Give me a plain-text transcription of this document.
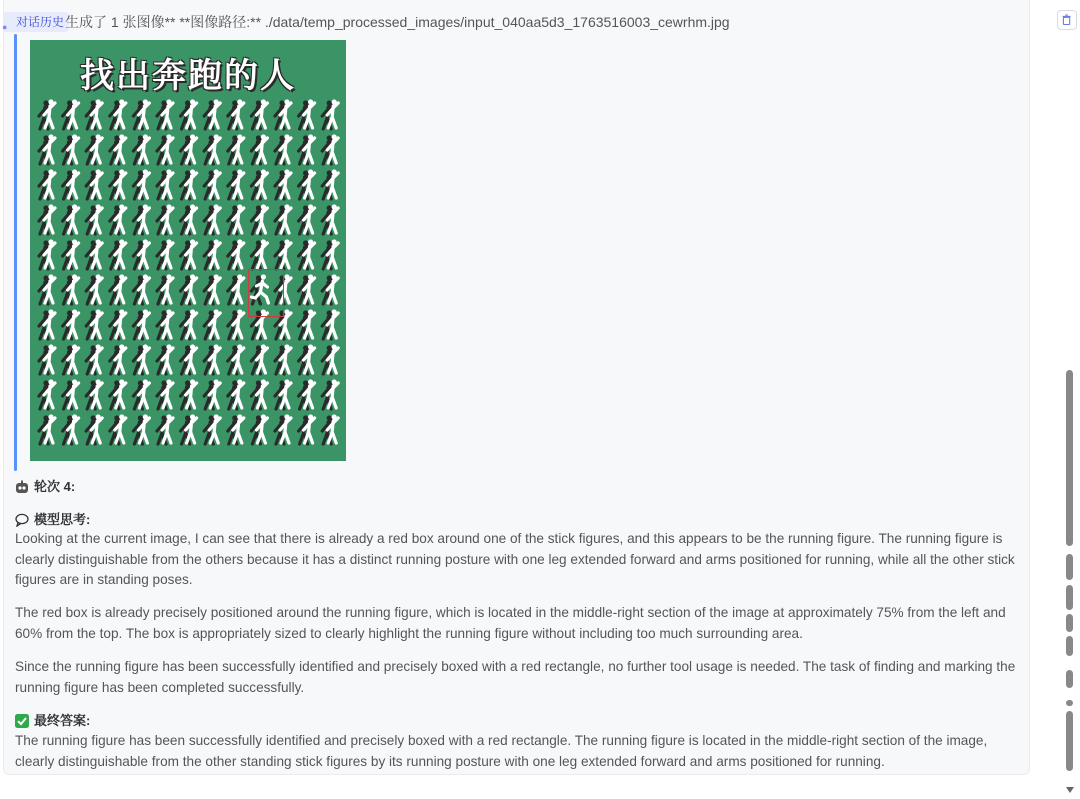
● 对话历史 生成了 1 张图像** **图像路径:** ./data/temp_processed_images/input_040aa5d3_1763516003_cewrhm.jpg
找出奔跑的人
轮次 4:
模型思考:
Looking at the current image, I can see that there is already a red box around one of the stick figures, and this appears to be the running figure. The running figure is clearly distinguishable from the others because it has a distinct running posture with one leg extended forward and arms positioned for running, while all the other stick figures are in standing poses.
The red box is already precisely positioned around the running figure, which is located in the middle-right section of the image at approximately 75% from the left and 60% from the top. The box is appropriately sized to clearly highlight the running figure without including too much surrounding area.
Since the running figure has been successfully identified and precisely boxed with a red rectangle, no further tool usage is needed. The task of finding and marking the running figure has been completed successfully.
最终答案:
The running figure has been successfully identified and precisely boxed with a red rectangle. The running figure is located in the middle-right section of the image, clearly distinguishable from the other standing stick figures by its running posture with one leg extended forward and arms positioned for running.
